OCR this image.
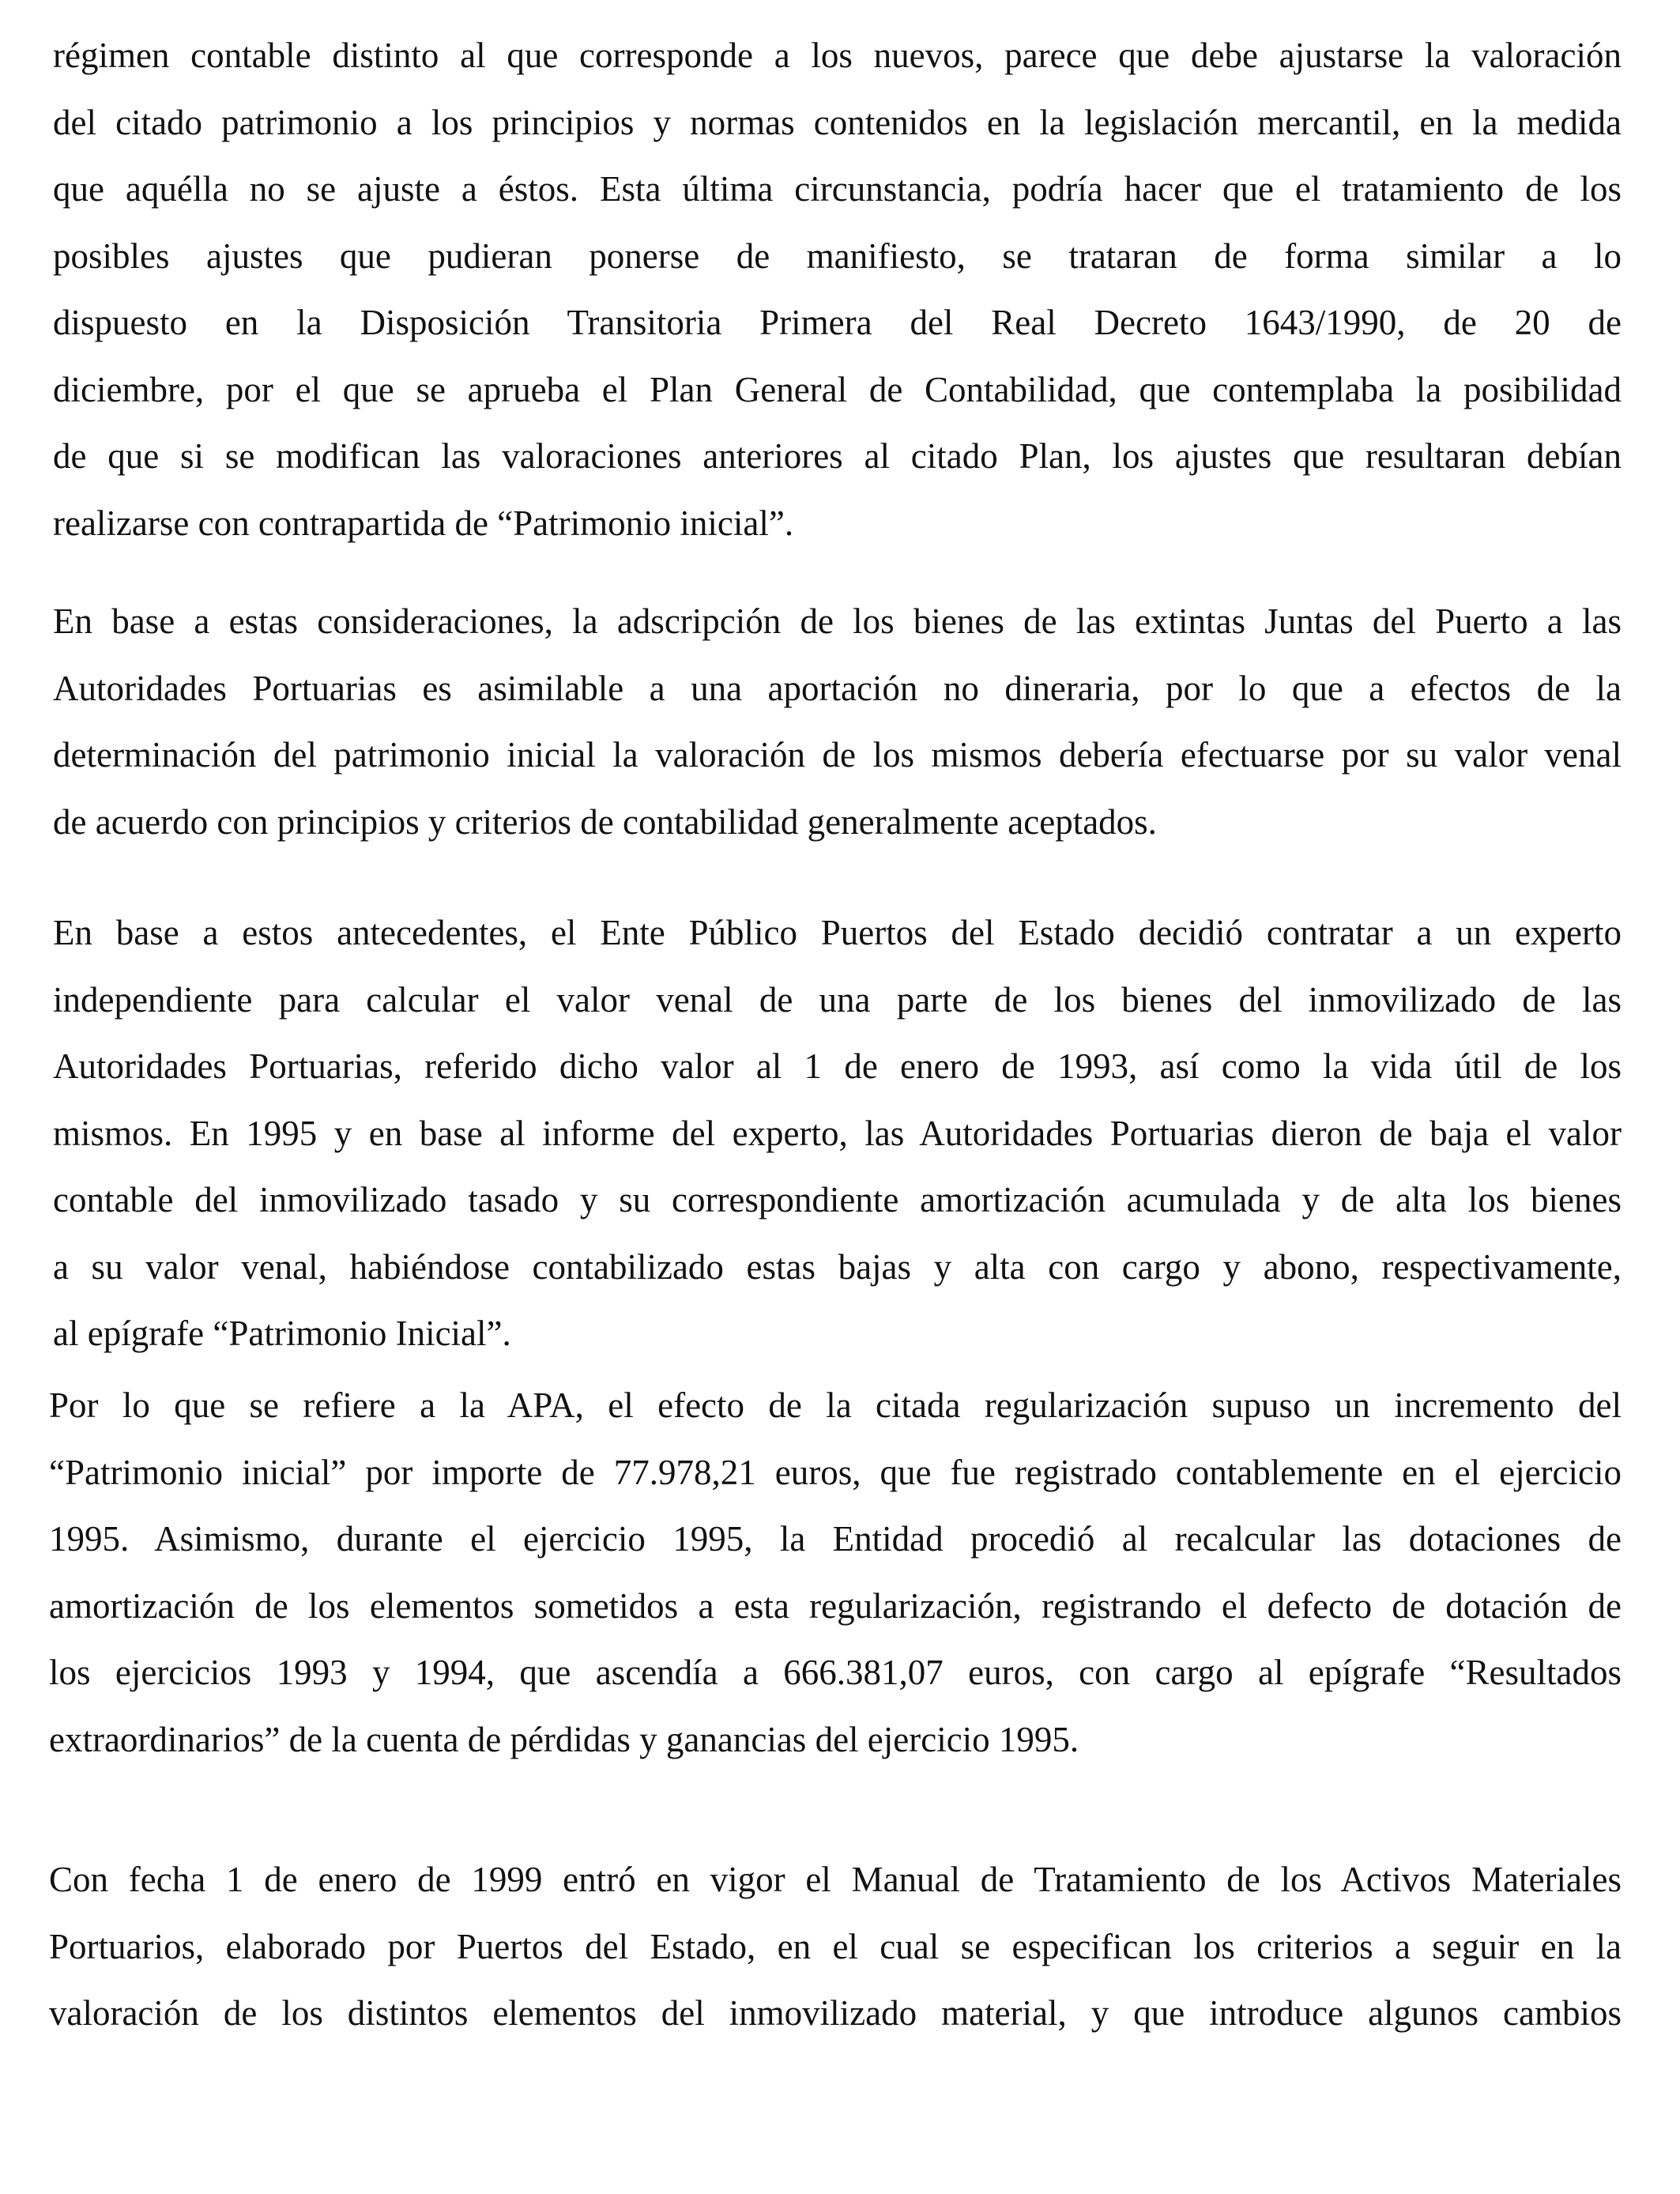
régimen contable distinto al que corresponde a los nuevos, parece que debe ajustarse la valoración
del citado patrimonio a los principios y normas contenidos en la legislación mercantil, en la medida
que aquélla no se ajuste a éstos. Esta última circunstancia, podría hacer que el tratamiento de los
posibles ajustes que pudieran ponerse de manifiesto, se trataran de forma similar a lo
dispuesto en la Disposición Transitoria Primera del Real Decreto 1643/1990, de 20 de
diciembre, por el que se aprueba el Plan General de Contabilidad, que contemplaba la posibilidad
de que si se modifican las valoraciones anteriores al citado Plan, los ajustes que resultaran debían
realizarse con contrapartida de “Patrimonio inicial”.
En base a estas consideraciones, la adscripción de los bienes de las extintas Juntas del Puerto a las
Autoridades Portuarias es asimilable a una aportación no dineraria, por lo que a efectos de la
determinación del patrimonio inicial la valoración de los mismos debería efectuarse por su valor venal
de acuerdo con principios y criterios de contabilidad generalmente aceptados.
En base a estos antecedentes, el Ente Público Puertos del Estado decidió contratar a un experto
independiente para calcular el valor venal de una parte de los bienes del inmovilizado de las
Autoridades Portuarias, referido dicho valor al 1 de enero de 1993, así como la vida útil de los
mismos. En 1995 y en base al informe del experto, las Autoridades Portuarias dieron de baja el valor
contable del inmovilizado tasado y su correspondiente amortización acumulada y de alta los bienes
a su valor venal, habiéndose contabilizado estas bajas y alta con cargo y abono, respectivamente,
al epígrafe “Patrimonio Inicial”.
Por lo que se refiere a la APA, el efecto de la citada regularización supuso un incremento del
“Patrimonio inicial” por importe de 77.978,21 euros, que fue registrado contablemente en el ejercicio
1995. Asimismo, durante el ejercicio 1995, la Entidad procedió al recalcular las dotaciones de
amortización de los elementos sometidos a esta regularización, registrando el defecto de dotación de
los ejercicios 1993 y 1994, que ascendía a 666.381,07 euros, con cargo al epígrafe “Resultados
extraordinarios” de la cuenta de pérdidas y ganancias del ejercicio 1995.
Con fecha 1 de enero de 1999 entró en vigor el Manual de Tratamiento de los Activos Materiales
Portuarios, elaborado por Puertos del Estado, en el cual se especifican los criterios a seguir en la
valoración de los distintos elementos del inmovilizado material, y que introduce algunos cambios
